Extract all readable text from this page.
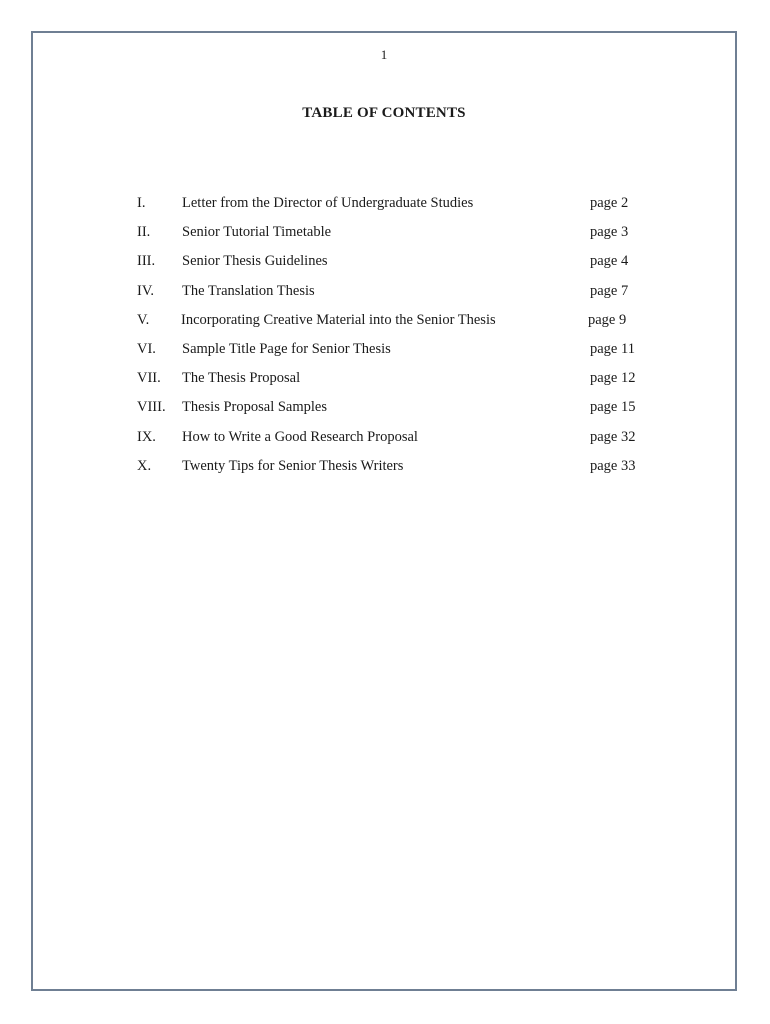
1
TABLE OF CONTENTS
I.	Letter from the Director of Undergraduate Studies	page 2
II. Senior Tutorial Timetable	page 3
III. Senior Thesis Guidelines	page 4
IV. The Translation Thesis	page 7
V. Incorporating Creative Material into the Senior Thesis	page 9
VI. Sample Title Page for Senior Thesis	page 11
VII. The Thesis Proposal	page 12
VIII. Thesis Proposal Samples	page 15
IX. How to Write a Good Research Proposal	page 32
X. Twenty Tips for Senior Thesis Writers	page 33
